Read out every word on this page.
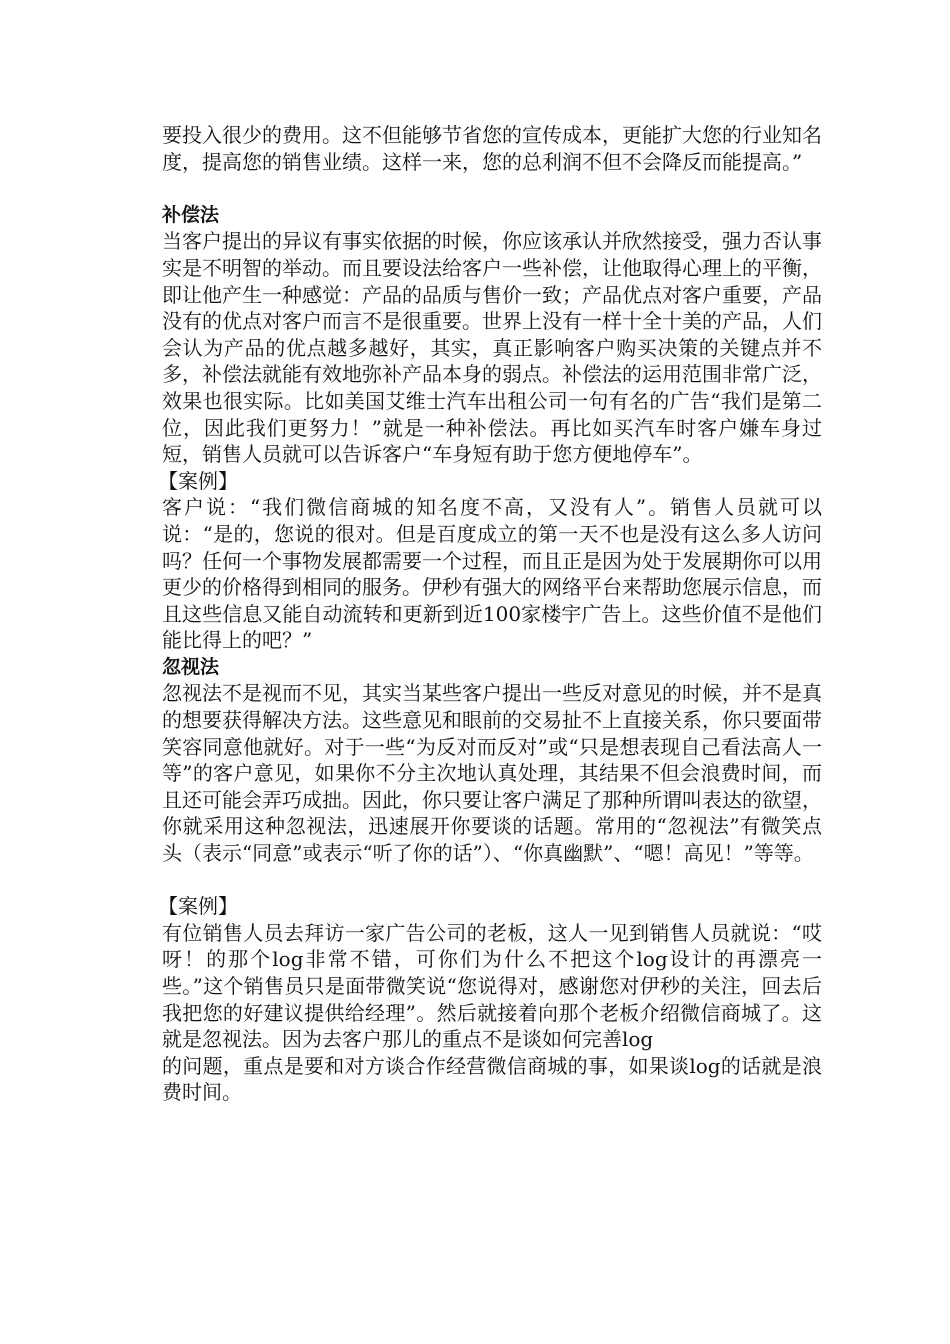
要投入很少的费用。这不但能够节省您的宣传成本，更能扩大您的行业知名度，提高您的销售业绩。这样一来，您的总利润不但不会降反而能提高。”

补偿法

当客户提出的异议有事实依据的时候，你应该承认并欣然接受，强力否认事实是不明智的举动。而且要设法给客户一些补偿，让他取得心理上的平衡，即让他产生一种感觉：产品的品质与售价一致；产品优点对客户重要，产品没有的优点对客户而言不是很重要。世界上没有一样十全十美的产品，人们会认为产品的优点越多越好，其实，真正影响客户购买决策的关键点并不多，补偿法就能有效地弥补产品本身的弱点。补偿法的运用范围非常广泛，效果也很实际。比如美国艾维士汽车出租公司一句有名的广告“我们是第二位，因此我们更努力！”就是一种补偿法。再比如买汽车时客户嫌车身过短，销售人员就可以告诉客户“车身短有助于您方便地停车”。

【案例】

客户说：“我们微信商城的知名度不高，又没有人”。销售人员就可以说：“是的，您说的很对。但是百度成立的第一天不也是没有这么多人访问吗？任何一个事物发展都需要一个过程，而且正是因为处于发展期你可以用更少的价格得到相同的服务。伊秒有强大的网络平台来帮助您展示信息，而且这些信息又能自动流转和更新到近100家楼宇广告上。这些价值不是他们能比得上的吧？”

忽视法

忽视法不是视而不见，其实当某些客户提出一些反对意见的时候，并不是真的想要获得解决方法。这些意见和眼前的交易扯不上直接关系，你只要面带笑容同意他就好。对于一些“为反对而反对”或“只是想表现自己看法高人一等”的客户意见，如果你不分主次地认真处理，其结果不但会浪费时间，而且还可能会弄巧成拙。因此，你只要让客户满足了那种所谓叫表达的欲望，你就采用这种忽视法，迅速展开你要谈的话题。常用的“忽视法”有微笑点头（表示“同意”或表示“听了你的话”）、“你真幽默”、“嗯！高见！”等等。

【案例】

有位销售人员去拜访一家广告公司的老板，这人一见到销售人员就说：“哎呀！的那个log非常不错，可你们为什么不把这个log设计的再漂亮一些。”这个销售员只是面带微笑说“您说得对，感谢您对伊秒的关注，回去后我把您的好建议提供给经理”。然后就接着向那个老板介绍微信商城了。这就是忽视法。因为去客户那儿的重点不是谈如何完善log

的问题，重点是要和对方谈合作经营微信商城的事，如果谈log的话就是浪费时间。
